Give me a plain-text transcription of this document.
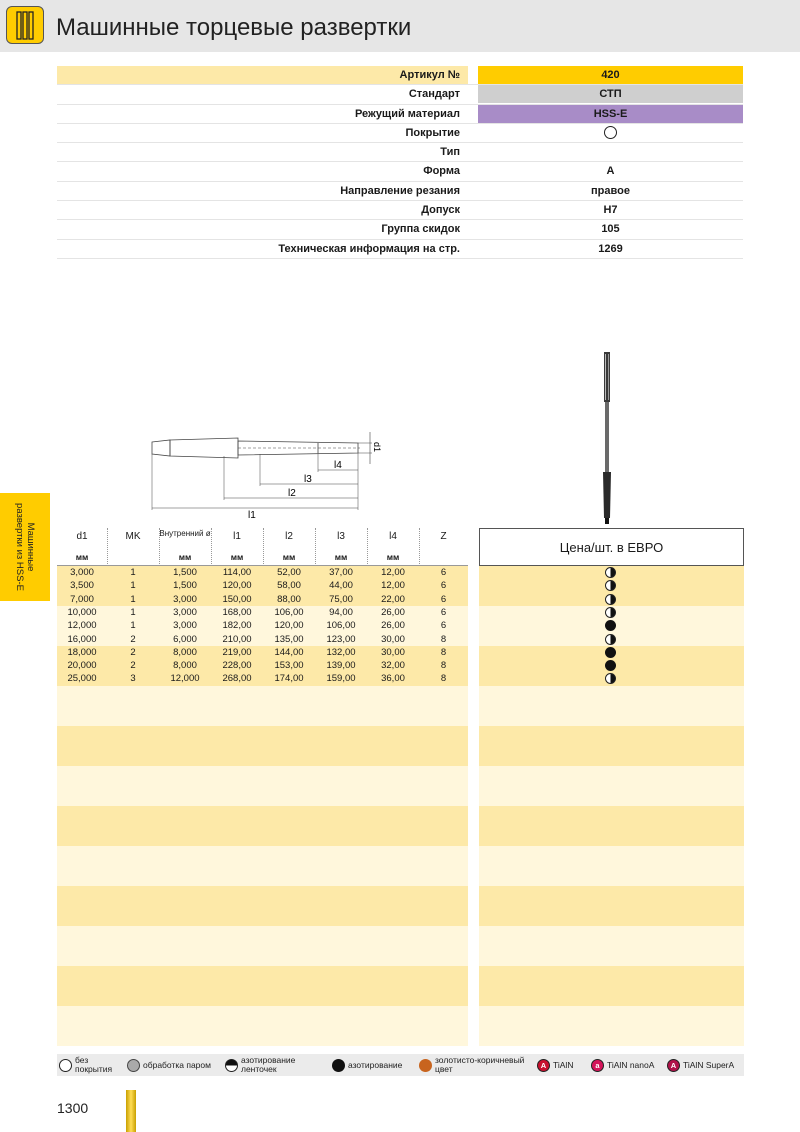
Машинные торцевые развертки
Артикул №	420
Стандарт	СТП
Режущий материал	HSS-E
Покрытие
Тип
Форма	А
Направление резания	правое
Допуск	H7
Группа скидок	105
Техническая информация на стр.	1269
l1
l2
l3
l4
d1
Машинные
развертки из HSS-E
d1	MK	Внутренний ø	l1	l2	l3	l4	Z
мм	мм	мм	мм	мм	мм
3,000	1	1,500	114,00	52,00	37,00	12,00	6
3,500	1	1,500	120,00	58,00	44,00	12,00	6
7,000	1	3,000	150,00	88,00	75,00	22,00	6
10,000	1	3,000	168,00	106,00	94,00	26,00	6
12,000	1	3,000	182,00	120,00	106,00	26,00	6
16,000	2	6,000	210,00	135,00	123,00	30,00	8
18,000	2	8,000	219,00	144,00	132,00	30,00	8
20,000	2	8,000	228,00	153,00	139,00	32,00	8
25,000	3	12,000	268,00	174,00	159,00	36,00	8
Цена/шт. в ЕВРО
без
покрытия	обработка паром	азотирование
ленточек	азотирование	золотисто-коричневый
цвет	A TiAlN	a TiAlN nanoA	A TiAlN SuperA
1300
